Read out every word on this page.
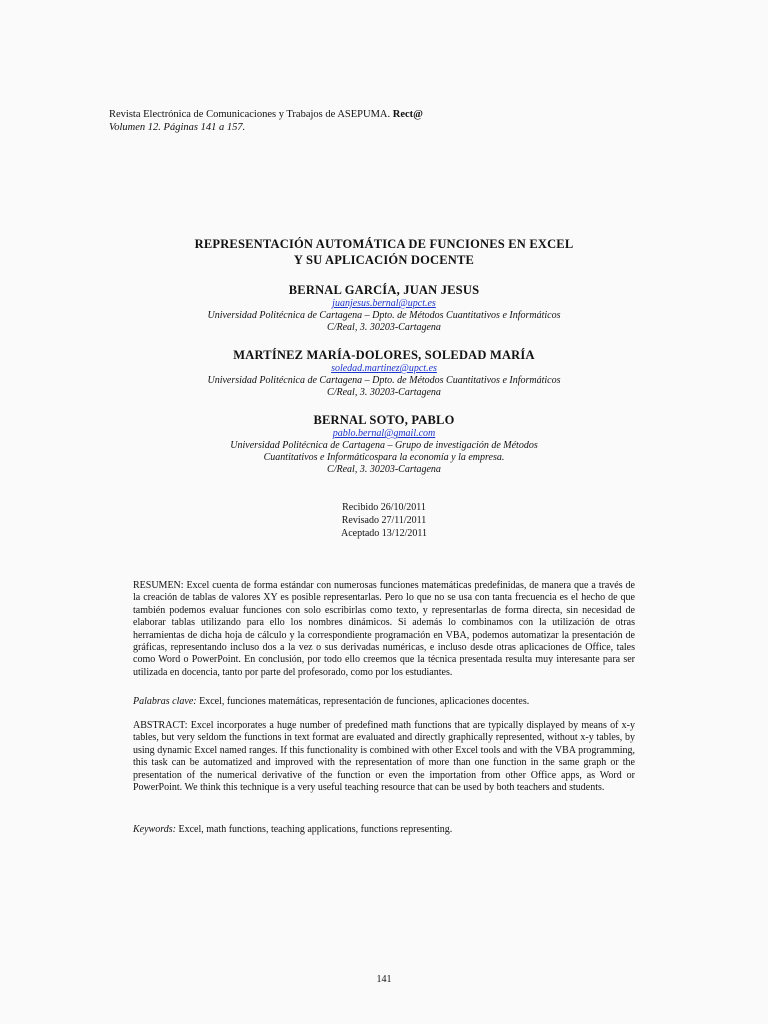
Revista Electrónica de Comunicaciones y Trabajos de ASEPUMA. Rect@
Volumen 12. Páginas 141 a 157.
REPRESENTACIÓN AUTOMÁTICA DE FUNCIONES EN EXCEL
Y SU APLICACIÓN DOCENTE
BERNAL GARCÍA, JUAN JESUS
juanjesus.bernal@upct.es
Universidad Politécnica de Cartagena – Dpto. de Métodos Cuantitativos e Informáticos
C/Real, 3. 30203-Cartagena
MARTÍNEZ MARÍA-DOLORES, SOLEDAD MARÍA
soledad.martinez@upct.es
Universidad Politécnica de Cartagena – Dpto. de Métodos Cuantitativos e Informáticos
C/Real, 3. 30203-Cartagena
BERNAL SOTO, PABLO
pablo.bernal@gmail.com
Universidad Politécnica de Cartagena – Grupo de investigación de Métodos
Cuantitativos e Informáticospara la economía y la empresa.
C/Real, 3. 30203-Cartagena
Recibido 26/10/2011
Revisado 27/11/2011
Aceptado 13/12/2011
RESUMEN: Excel cuenta de forma estándar con numerosas funciones matemáticas predefinidas, de manera que a través de la creación de tablas de valores XY es posible representarlas. Pero lo que no se usa con tanta frecuencia es el hecho de que también podemos evaluar funciones con solo escribirlas como texto, y representarlas de forma directa, sin necesidad de elaborar tablas utilizando para ello los nombres dinámicos. Si además lo combinamos con la utilización de otras herramientas de dicha hoja de cálculo y la correspondiente programación en VBA, podemos automatizar la presentación de gráficas, representando incluso dos a la vez o sus derivadas numéricas, e incluso desde otras aplicaciones de Office, tales como Word o PowerPoint. En conclusión, por todo ello creemos que la técnica presentada resulta muy interesante para ser utilizada en docencia, tanto por parte del profesorado, como por los estudiantes.
Palabras clave: Excel, funciones matemáticas, representación de funciones, aplicaciones docentes.
ABSTRACT: Excel incorporates a huge number of predefined math functions that are typically displayed by means of x-y tables, but very seldom the functions in text format are evaluated and directly graphically represented, without x-y tables, by using dynamic Excel named ranges. If this functionality is combined with other Excel tools and with the VBA programming, this task can be automatized and improved with the representation of more than one function in the same graph or the presentation of the numerical derivative of the function or even the importation from other Office apps, as Word or PowerPoint. We think this technique is a very useful teaching resource that can be used by both teachers and students.
Keywords: Excel, math functions, teaching applications, functions representing.
141
